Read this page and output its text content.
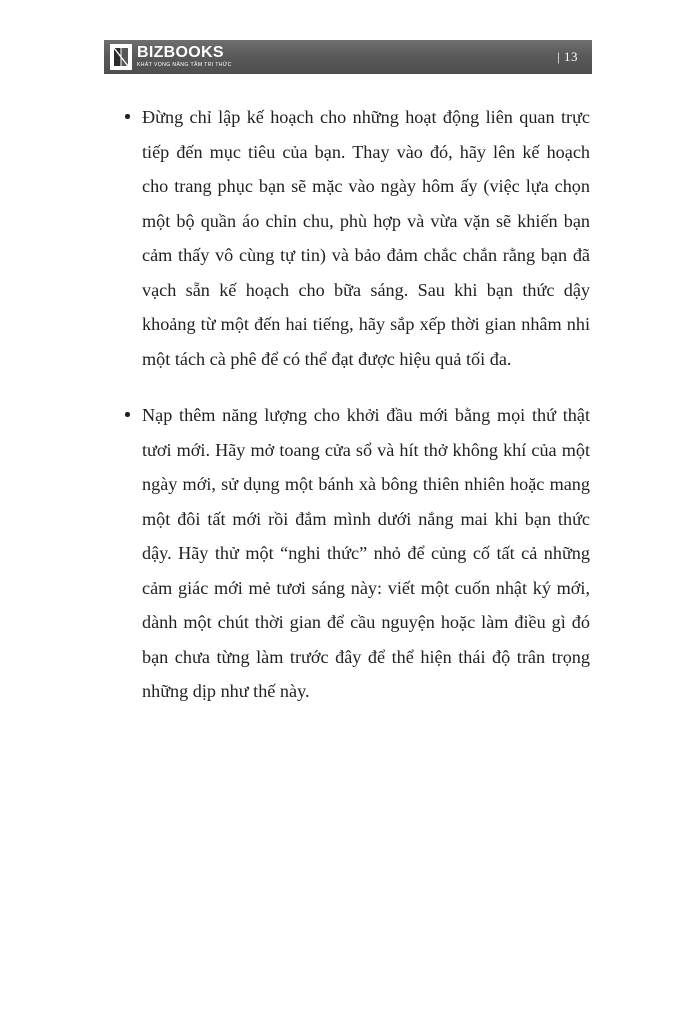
BIZBOOKS
KHÁT VỌNG NÂNG TẦM TRI THỨC
| 13
Đừng chỉ lập kế hoạch cho những hoạt động liên quan trực tiếp đến mục tiêu của bạn. Thay vào đó, hãy lên kế hoạch cho trang phục bạn sẽ mặc vào ngày hôm ấy (việc lựa chọn một bộ quần áo chỉn chu, phù hợp và vừa vặn sẽ khiến bạn cảm thấy vô cùng tự tin) và bảo đảm chắc chắn rằng bạn đã vạch sẵn kế hoạch cho bữa sáng. Sau khi bạn thức dậy khoảng từ một đến hai tiếng, hãy sắp xếp thời gian nhâm nhi một tách cà phê để có thể đạt được hiệu quả tối đa.
Nạp thêm năng lượng cho khởi đầu mới bằng mọi thứ thật tươi mới. Hãy mở toang cửa sổ và hít thở không khí của một ngày mới, sử dụng một bánh xà bông thiên nhiên hoặc mang một đôi tất mới rồi đắm mình dưới nắng mai khi bạn thức dậy. Hãy thử một “nghi thức” nhỏ để củng cố tất cả những cảm giác mới mẻ tươi sáng này: viết một cuốn nhật ký mới, dành một chút thời gian để cầu nguyện hoặc làm điều gì đó bạn chưa từng làm trước đây để thể hiện thái độ trân trọng những dịp như thế này.
